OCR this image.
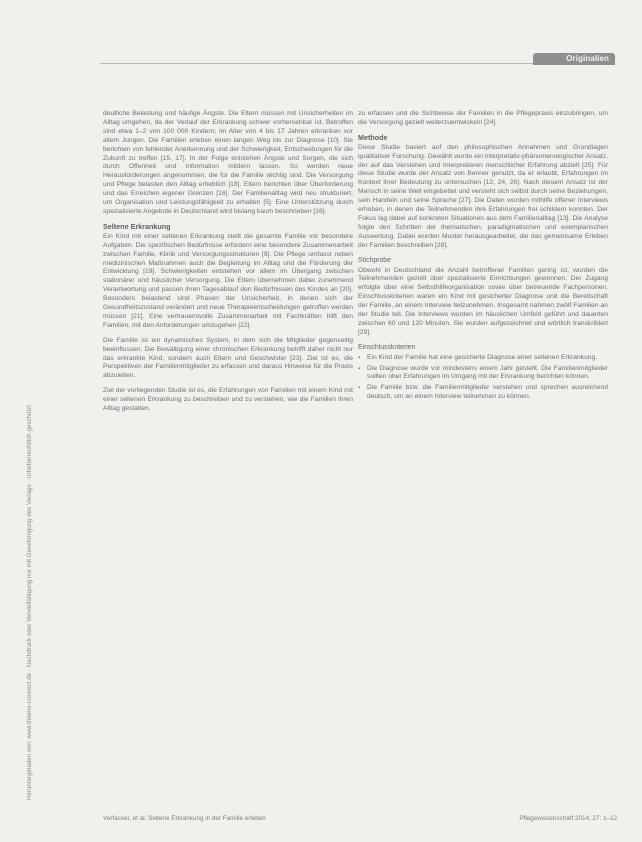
Originalien
Heruntergeladen von: www.thieme-connect.de · Nachdruck oder Vervielfältigung nur mit Genehmigung des Verlags · Urheberrechtlich geschützt

deutliche Belastung und häufige Ängste. Die Eltern müssen mit Unsicherheiten im Alltag umgehen, da der Verlauf der Erkrankung schwer vorhersehbar ist. Betroffen sind etwa 1–2 von 100 000 Kindern; im Alter von 4 bis 17 Jahren erkranken vor allem Jungen. Die Familien erleben einen langen Weg bis zur Diagnose [10]. Sie berichten von fehlender Anerkennung und der Schwierigkeit, Entscheidungen für die Zukunft zu treffen [15, 17]. In der Folge entstehen Ängste und Sorgen, die sich durch Offenheit und Information mildern lassen. So werden neue Herausforderungen angenommen, die für die Familie wichtig sind. Die Versorgung und Pflege belasten den Alltag erheblich [18]. Eltern berichten über Überforderung und das Erreichen eigener Grenzen [16]. Der Familienalltag wird neu strukturiert, um Organisation und Leistungsfähigkeit zu erhalten [5]. Eine Unterstützung durch spezialisierte Angebote in Deutschland wird bislang kaum beschrieben [16].

Seltene Erkrankung

Ein Kind mit einer seltenen Erkrankung stellt die gesamte Familie vor besondere Aufgaben. Die spezifischen Bedürfnisse erfordern eine besondere Zusammenarbeit zwischen Familie, Klinik und Versorgungsstrukturen [9]. Die Pflege umfasst neben medizinischen Maßnahmen auch die Begleitung im Alltag und die Förderung der Entwicklung [19]. Schwierigkeiten entstehen vor allem im Übergang zwischen stationärer und häuslicher Versorgung. Die Eltern übernehmen dabei zunehmend Verantwortung und passen ihren Tagesablauf den Bedürfnissen des Kindes an [20]. Besonders belastend sind Phasen der Unsicherheit, in denen sich der Gesundheitszustand verändert und neue Therapieentscheidungen getroffen werden müssen [21]. Eine vertrauensvolle Zusammenarbeit mit Fachkräften hilft den Familien, mit den Anforderungen umzugehen [22].

Die Familie ist ein dynamisches System, in dem sich die Mitglieder gegenseitig beeinflussen. Die Bewältigung einer chronischen Erkrankung betrifft daher nicht nur das erkrankte Kind, sondern auch Eltern und Geschwister [23]. Ziel ist es, die Perspektiven der Familienmitglieder zu erfassen und daraus Hinweise für die Praxis abzuleiten.

Ziel der vorliegenden Studie ist es, die Erfahrungen von Familien mit einem Kind mit einer seltenen Erkrankung zu beschreiben und zu verstehen, wie die Familien ihren Alltag gestalten.

zu erfassen und die Sichtweise der Familien in die Pflegepraxis einzubringen, um die Versorgung gezielt weiterzuentwickeln [24].

Methode

Diese Studie basiert auf den philosophischen Annahmen und Grundlagen qualitativer Forschung. Gewählt wurde ein interpretativ-phänomenologischer Ansatz, der auf das Verstehen und Interpretieren menschlicher Erfahrung abzielt [25]. Für diese Studie wurde der Ansatz von Benner genutzt, da er erlaubt, Erfahrungen im Kontext ihrer Bedeutung zu untersuchen [12, 24, 26]. Nach diesem Ansatz ist der Mensch in seine Welt eingebettet und versteht sich selbst durch seine Beziehungen, sein Handeln und seine Sprache [27]. Die Daten wurden mithilfe offener Interviews erhoben, in denen die Teilnehmenden ihre Erfahrungen frei schildern konnten. Der Fokus lag dabei auf konkreten Situationen aus dem Familienalltag [13]. Die Analyse folgte den Schritten der thematischen, paradigmatischen und exemplarischen Auswertung. Dabei wurden Muster herausgearbeitet, die das gemeinsame Erleben der Familien beschreiben [28].

Stichprobe

Obwohl in Deutschland die Anzahl betroffener Familien gering ist, wurden die Teilnehmenden gezielt über spezialisierte Einrichtungen gewonnen. Der Zugang erfolgte über eine Selbsthilfeorganisation sowie über betreuende Fachpersonen. Einschlusskriterien waren ein Kind mit gesicherter Diagnose und die Bereitschaft der Familie, an einem Interview teilzunehmen. Insgesamt nahmen zwölf Familien an der Studie teil. Die Interviews wurden im häuslichen Umfeld geführt und dauerten zwischen 60 und 120 Minuten. Sie wurden aufgezeichnet und wörtlich transkribiert [29].

Einschlusskriterien
▪ Ein Kind der Familie hat eine gesicherte Diagnose einer seltenen Erkrankung.
▪ Die Diagnose wurde vor mindestens einem Jahr gestellt. Die Familienmitglieder sollten über Erfahrungen im Umgang mit der Erkrankung berichten können.
▪ Die Familie bzw. die Familienmitglieder verstehen und sprechen ausreichend deutsch, um an einem Interview teilnehmen zu können.
Verfasser, et al. Seltene Erkrankung in der Familie erleben	Pflegewissenschaft 2014; 27: 1–12
